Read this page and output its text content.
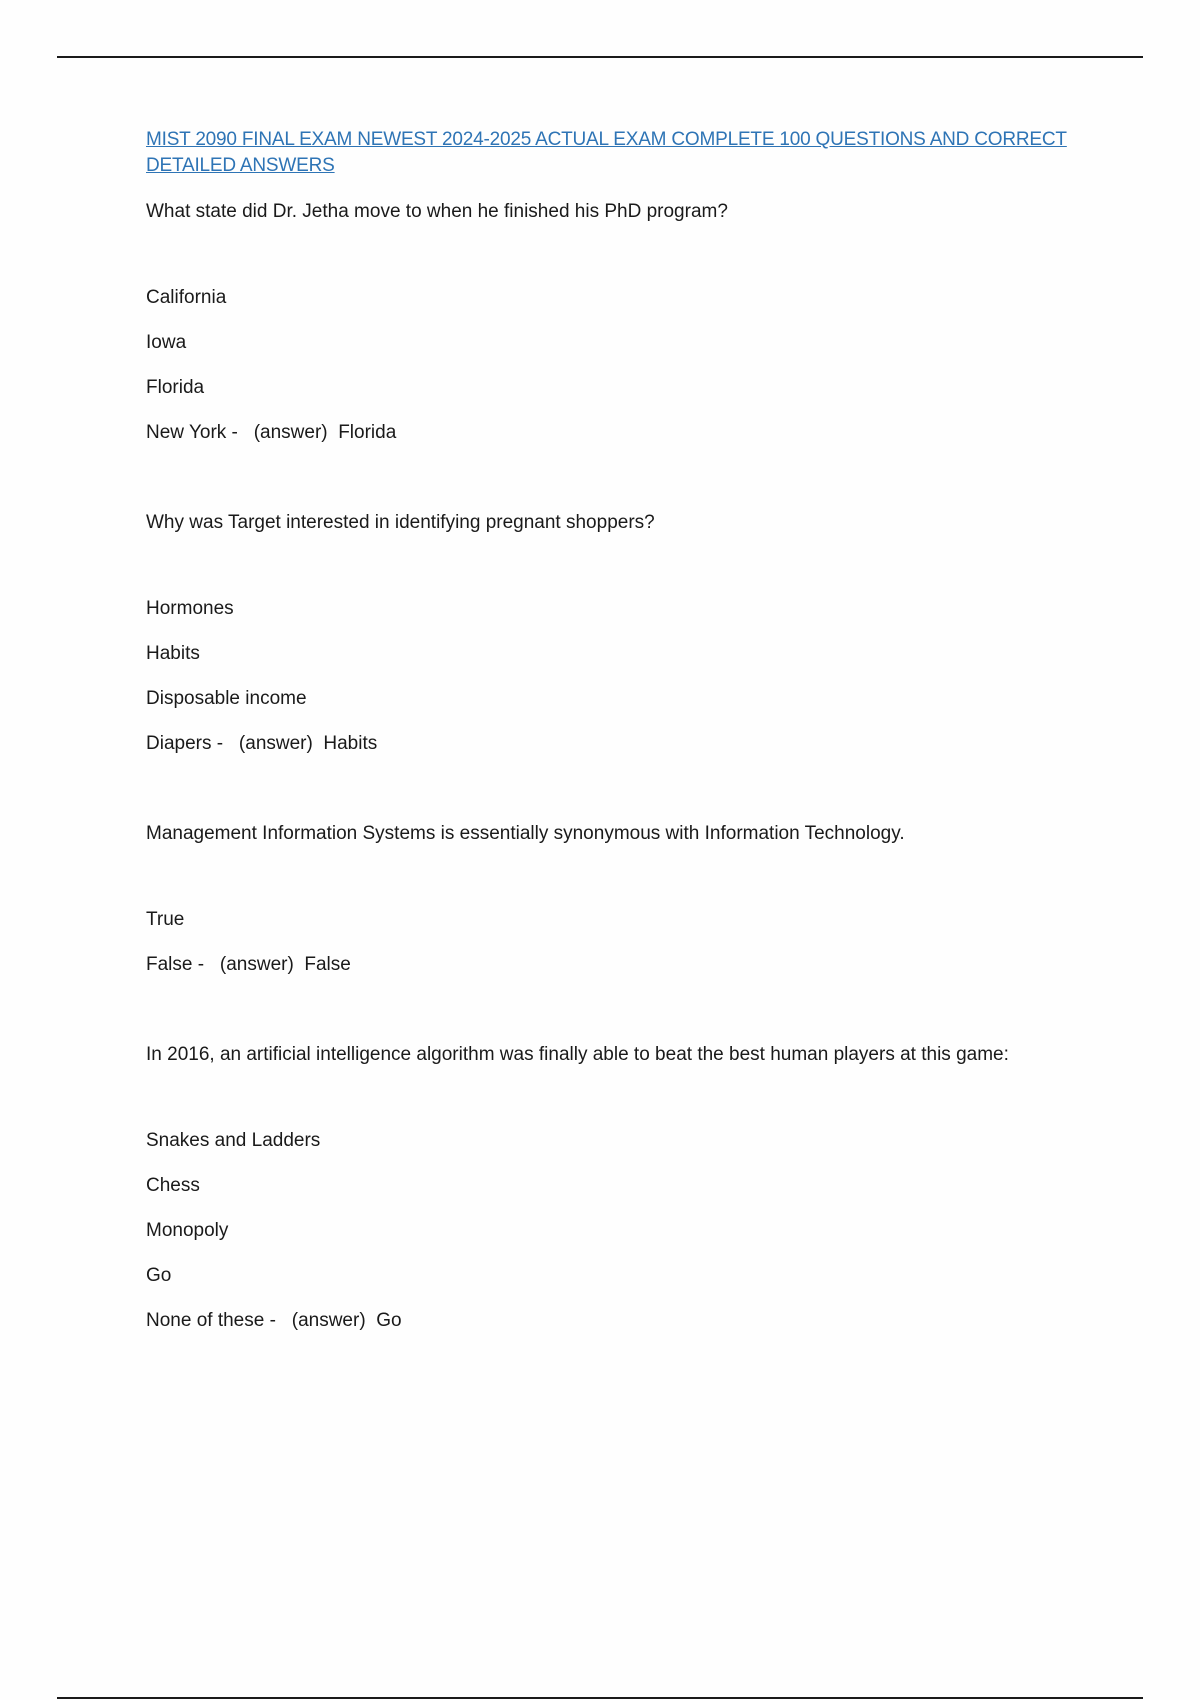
MIST 2090 FINAL EXAM NEWEST 2024-2025 ACTUAL EXAM COMPLETE 100 QUESTIONS AND CORRECT DETAILED ANSWERS

What state did Dr. Jetha move to when he finished his PhD program?

California
Iowa
Florida
New York -   (answer)  Florida

Why was Target interested in identifying pregnant shoppers?

Hormones
Habits
Disposable income
Diapers -   (answer)  Habits

Management Information Systems is essentially synonymous with Information Technology.

True
False -   (answer)  False

In 2016, an artificial intelligence algorithm was finally able to beat the best human players at this game:

Snakes and Ladders
Chess
Monopoly
Go
None of these -   (answer)  Go
